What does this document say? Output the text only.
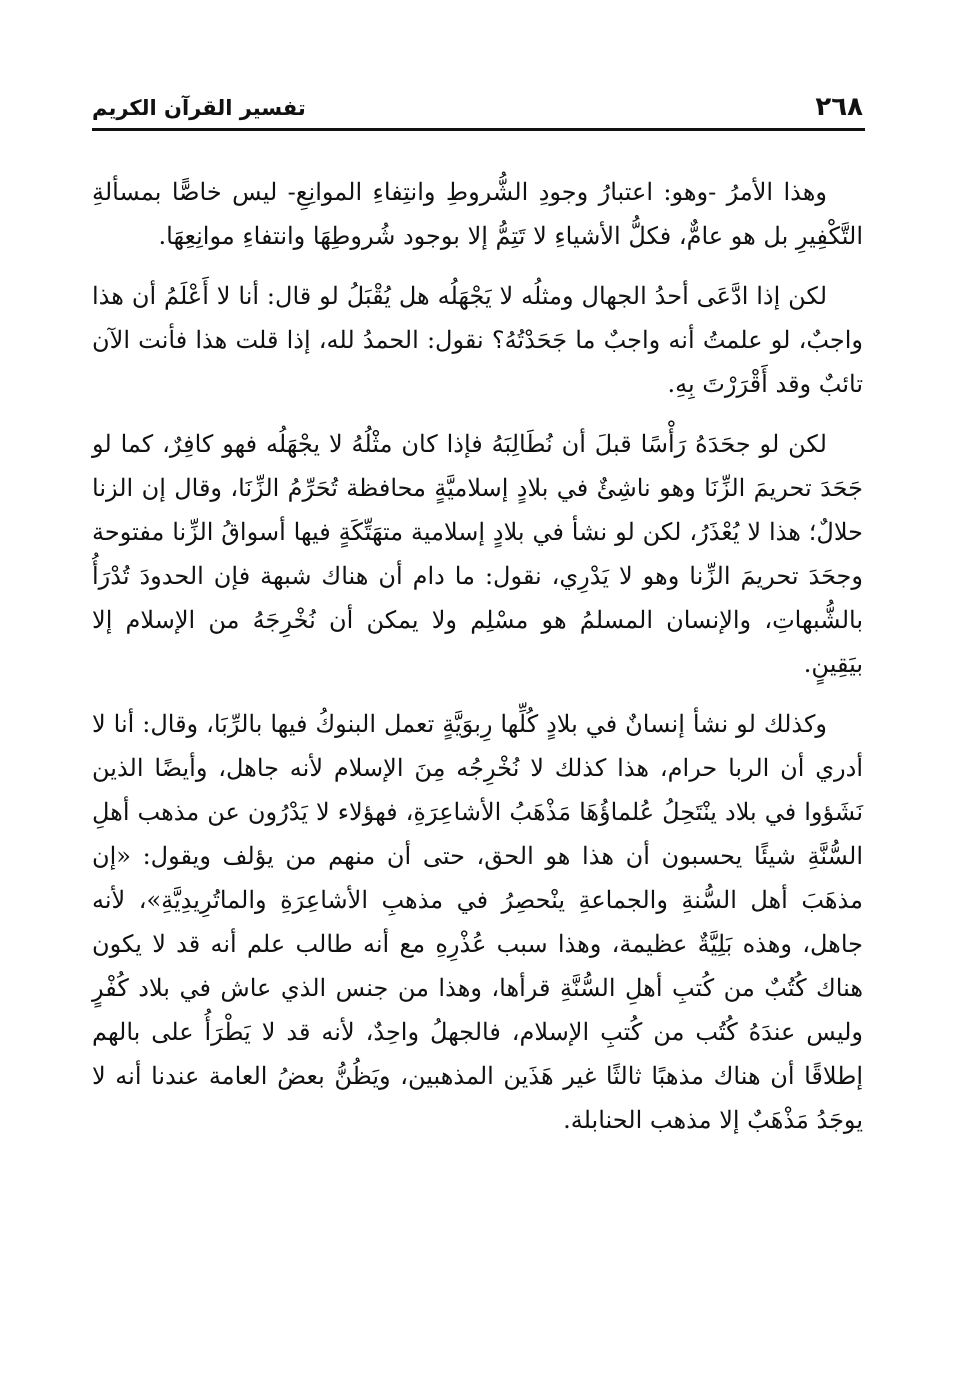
٢٦٨
تفسير القرآن الكريم

وهذا الأمرُ -وهو: اعتبارُ وجودِ الشُّروطِ وانتِفاءِ الموانِعِ- ليس خاصًّا بمسألةِ التَّكْفِيرِ بل هو عامٌّ، فكلُّ الأشياءِ لا تَتِمُّ إلا بوجود شُروطِهَا وانتفاءِ موانِعِهَا.

لكن إذا ادَّعَى أحدُ الجهال ومثلُه لا يَجْهَلُه هل يُقْبَلُ لو قال: أنا لا أَعْلَمُ أن هذا واجبٌ، لو علمتُ أنه واجبٌ ما جَحَدْتُهُ؟ نقول: الحمدُ لله، إذا قلت هذا فأنت الآن تائبٌ وقد أَقْرَرْتَ بِهِ.

لكن لو جحَدَهُ رَأْسًا قبلَ أن نُطَالِبَهُ فإذا كان مثْلُهُ لا يجْهَلُه فهو كافِرٌ، كما لو جَحَدَ تحريمَ الزِّنَا وهو ناشِئٌ في بلادٍ إسلاميَّةٍ محافظة تُحَرِّمُ الزِّنَا، وقال إن الزنا حلالٌ؛ هذا لا يُعْذَرُ، لكن لو نشأ في بلادٍ إسلامية متهَتِّكَةٍ فيها أسواقُ الزِّنا مفتوحة وجحَدَ تحريمَ الزِّنا وهو لا يَدْرِي، نقول: ما دام أن هناك شبهة فإن الحدودَ تُدْرَأُ بالشُّبهاتِ، والإنسان المسلمُ هو مسْلِم ولا يمكن أن نُخْرِجَهُ من الإسلام إلا بيَقِينٍ.

وكذلك لو نشأ إنسانٌ في بلادٍ كُلِّها رِبوَيَّةٍ تعمل البنوكُ فيها بالرِّبَا، وقال: أنا لا أدري أن الربا حرام، هذا كذلك لا نُخْرِجُه مِنَ الإسلام لأنه جاهل، وأيضًا الذين نَشَؤوا في بلاد ينْتَحِلُ عُلماؤُهَا مَذْهَبُ الأشاعِرَةِ، فهؤلاء لا يَدْرُون عن مذهب أهلِ السُّنَّةِ شيئًا يحسبون أن هذا هو الحق، حتى أن منهم من يؤلف ويقول: «إن مذهَبَ أهل السُّنةِ والجماعةِ ينْحصِرُ في مذهبِ الأشاعِرَةِ والماتُرِيدِيَّةِ»، لأنه جاهل، وهذه بَلِيَّةٌ عظيمة، وهذا سبب عُذْرِهِ مع أنه طالب علم أنه قد لا يكون هناك كُتُبٌ من كُتبِ أهلِ السُّنَّةِ قرأها، وهذا من جنس الذي عاش في بلاد كُفْرٍ وليس عندَهُ كُتُب من كُتبِ الإسلام، فالجهلُ واحِدٌ، لأنه قد لا يَطْرَأُ على بالهم إطلاقًا أن هناك مذهبًا ثالثًا غير هَذَين المذهبين، ويَظُنُّ بعضُ العامة عندنا أنه لا يوجَدُ مَذْهَبٌ إلا مذهب الحنابلة.
